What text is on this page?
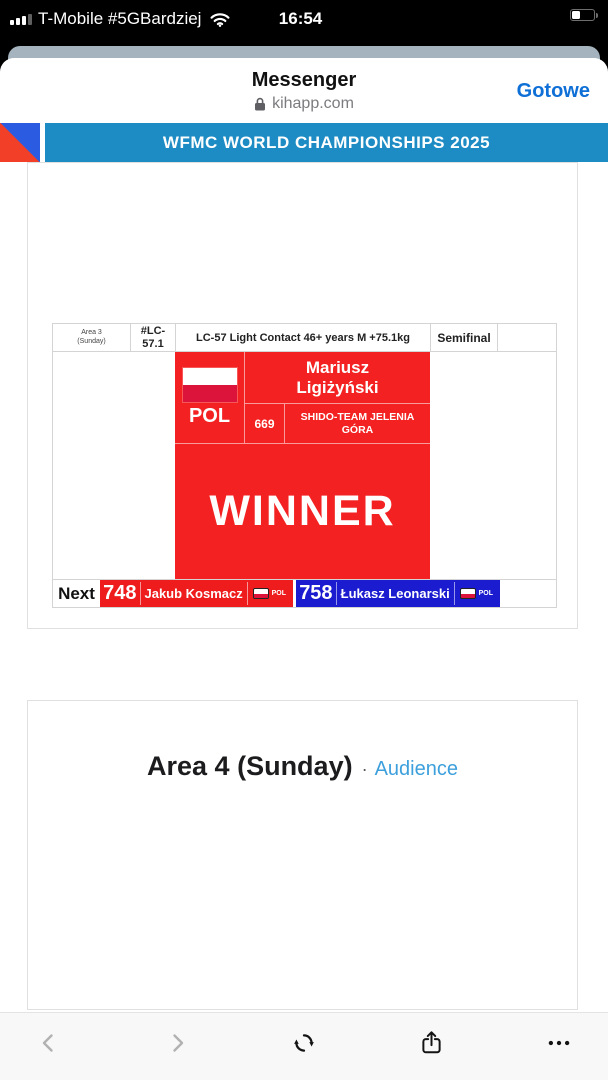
T-Mobile #5GBardziej	16:54
Messenger
kihapp.com
Gotowe
WFMC WORLD CHAMPIONSHIPS 2025
Area 3
(Sunday)
#LC-57.1	LC-57 Light Contact 46+ years M +75.1kg	Semifinal
POL
Mariusz Ligiżyński
669	SHIDO-TEAM JELENIA GÓRA
WINNER
Next 748 Jakub Kosmacz	POL 758 Łukasz Leonarski	POL
Area 4 (Sunday) · Audience
